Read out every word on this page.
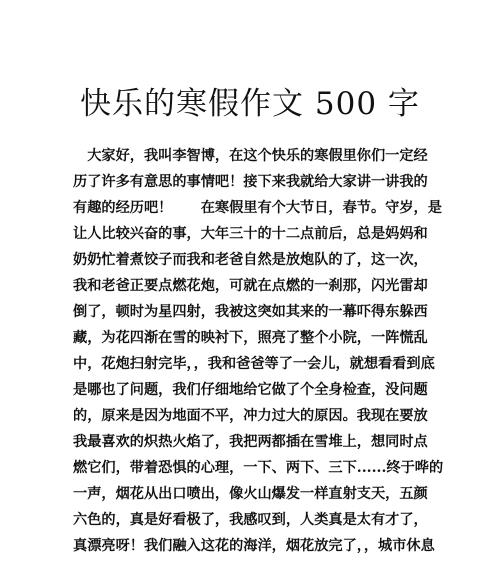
快乐的寒假作文 500 字
　大家好，我叫李智博，在这个快乐的寒假里你们一定经
历了许多有意思的事情吧！接下来我就给大家讲一讲我的
有趣的经历吧！　　在寒假里有个大节日，春节。守岁，是
让人比较兴奋的事，大年三十的十二点前后，总是妈妈和
奶奶忙着煮饺子而我和老爸自然是放炮队的了，这一次，
我和老爸正要点燃花炮，可就在点燃的一刹那，闪光雷却
倒了，顿时为星四射，我被这突如其来的一幕吓得东躲西
藏，为花四渐在雪的映衬下，照亮了整个小院，一阵慌乱
中，花炮扫射完毕，，我和爸爸等了一会儿，就想看看到底
是哪也了问题，我们仔细地给它做了个全身检查，没问题
的，原来是因为地面不平，冲力过大的原因。我现在要放
我最喜欢的炽热火焰了，我把两都插在雪堆上，想同时点
燃它们，带着恐惧的心理，一下、两下、三下......终于哗的
一声，烟花从出口喷出，像火山爆发一样直射支天，五颜
六色的，真是好看极了，我感叹到，人类真是太有才了，
真漂亮呀！我们融入这花的海洋，烟花放完了，，城市休息
